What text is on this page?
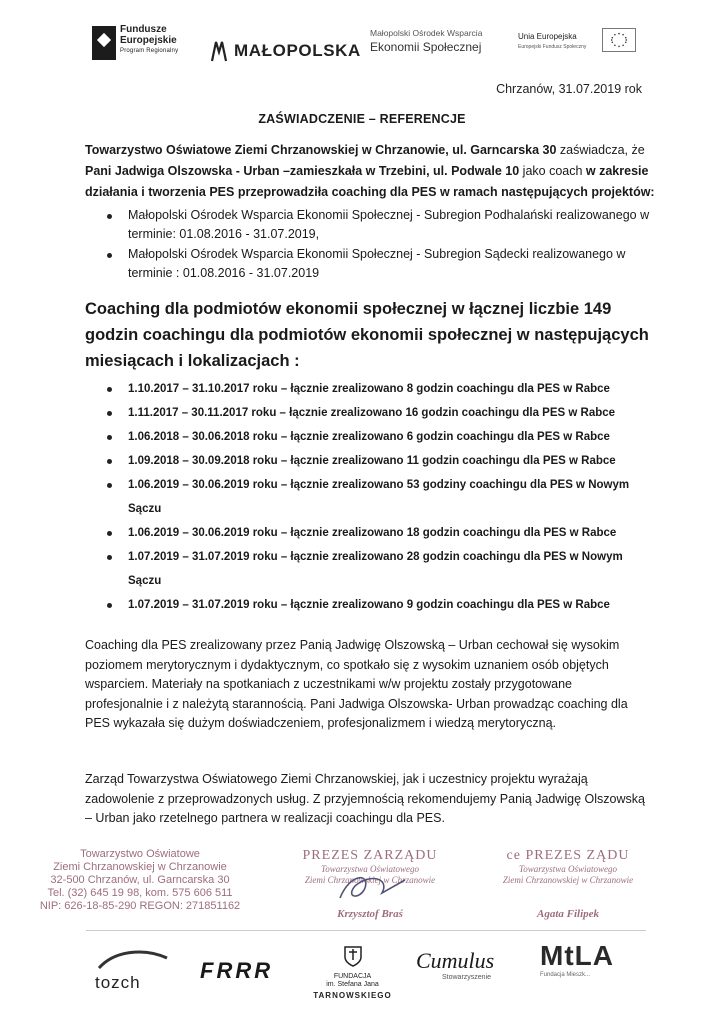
Fundusze
Europejskie
Program Regionalny	MAŁOPOLSKA
Małopolski Ośrodek Wsparcia
Ekonomii Społecznej
Unia Europejska
Europejski Fundusz Społeczny
Chrzanów, 31.07.2019 rok
ZAŚWIADCZENIE – REFERENCJE
Towarzystwo Oświatowe Ziemi Chrzanowskiej w Chrzanowie, ul. Garncarska 30 zaświadcza, że Pani Jadwiga Olszowska - Urban –zamieszkała w Trzebini, ul. Podwale 10 jako coach w zakresie działania i tworzenia PES przeprowadziła coaching dla PES w ramach następujących projektów:
Małopolski Ośrodek Wsparcia Ekonomii Społecznej - Subregion Podhalański realizowanego w terminie: 01.08.2016 - 31.07.2019,
Małopolski Ośrodek Wsparcia Ekonomii Społecznej - Subregion Sądecki realizowanego w terminie : 01.08.2016 - 31.07.2019
Coaching dla podmiotów ekonomii społecznej w łącznej liczbie 149 godzin coachingu dla podmiotów ekonomii społecznej w następujących miesiącach i lokalizacjach :
1.10.2017 – 31.10.2017 roku – łącznie zrealizowano 8 godzin coachingu dla PES w Rabce
1.11.2017 – 30.11.2017 roku – łącznie zrealizowano 16 godzin coachingu dla PES w Rabce
1.06.2018 – 30.06.2018 roku – łącznie zrealizowano 6 godzin coachingu dla PES w Rabce
1.09.2018 – 30.09.2018 roku – łącznie zrealizowano 11 godzin coachingu dla PES w Rabce
1.06.2019 – 30.06.2019 roku – łącznie zrealizowano 53 godziny coachingu dla PES w Nowym Sączu
1.06.2019 – 30.06.2019 roku – łącznie zrealizowano 18 godzin coachingu dla PES w Rabce
1.07.2019 – 31.07.2019 roku – łącznie zrealizowano 28 godzin coachingu dla PES w Nowym Sączu
1.07.2019 – 31.07.2019 roku – łącznie zrealizowano 9 godzin coachingu dla PES w Rabce
Coaching dla PES zrealizowany przez Panią Jadwigę Olszowską – Urban cechował się wysokim poziomem merytorycznym i dydaktycznym, co spotkało się z wysokim uznaniem osób objętych wsparciem. Materiały na spotkaniach z uczestnikami w/w projektu zostały przygotowane profesjonalnie i z należytą starannością. Pani Jadwiga Olszowska- Urban prowadząc coaching dla PES wykazała się dużym doświadczeniem, profesjonalizmem i wiedzą merytoryczną.
Zarząd Towarzystwa Oświatowego Ziemi Chrzanowskiej, jak i uczestnicy projektu wyrażają zadowolenie z przeprowadzonych usług. Z przyjemnością rekomendujemy Panią Jadwigę Olszowską – Urban jako rzetelnego partnera w realizacji coachingu dla PES.
Towarzystwo Oświatowe
Ziemi Chrzanowskiej w Chrzanowie
32-500 Chrzanów, ul. Garncarska 30
Tel. (32) 645 19 98, kom. 575 606 511
NIP: 626-18-85-290 REGON: 271851162
PREZES ZARZĄDU
Towarzystwa Oświatowego
Ziemi Chrzanowskiej w Chrzanowie
Krzysztof Braś
ce PREZES ZĄDU
Towarzystwa Oświatowego
Ziemi Chrzanowskiej w Chrzanowie
Agata Filipek
tozch	FRRR	FUNDACJA
im. Stefana Jana
TARNOWSKIEGO
Cumulus
Stowarzyszenie
MtLA
Fundacja Mieszk...
